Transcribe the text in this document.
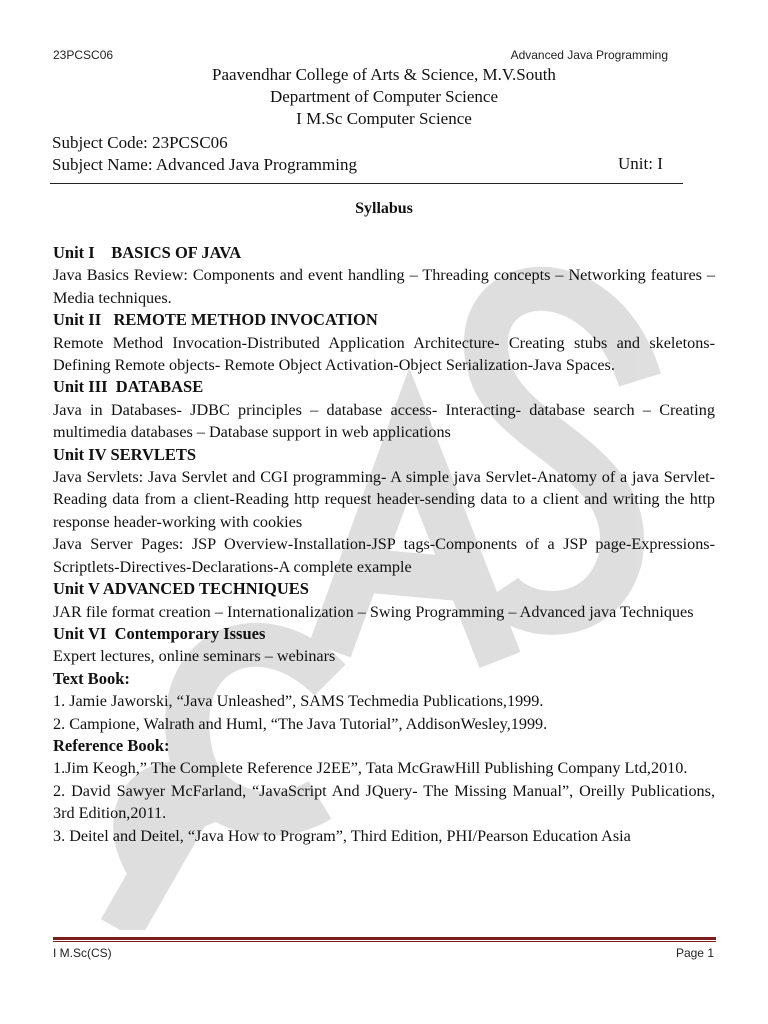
23PCSC06	Advanced Java Programming
Paavendhar College of Arts & Science, M.V.South
Department of Computer Science
I M.Sc Computer Science
Subject Code: 23PCSC06
Subject Name: Advanced Java Programming	Unit: I
Syllabus
Unit I    BASICS OF JAVA

Java Basics Review: Components and event handling – Threading concepts – Networking features – Media techniques.

Unit II   REMOTE METHOD INVOCATION

Remote Method Invocation-Distributed Application Architecture- Creating stubs and skeletons- Defining Remote objects- Remote Object Activation-Object Serialization-Java Spaces.

Unit III  DATABASE

Java in Databases- JDBC principles – database access- Interacting- database search – Creating multimedia databases – Database support in web applications

Unit IV SERVLETS

Java Servlets: Java Servlet and CGI programming- A simple java Servlet-Anatomy of a java Servlet-Reading data from a client-Reading http request header-sending data to a client and writing the http response header-working with cookies

Java Server Pages: JSP Overview-Installation-JSP tags-Components of a JSP page-Expressions- Scriptlets-Directives-Declarations-A complete example

Unit V ADVANCED TECHNIQUES

JAR file format creation – Internationalization – Swing Programming – Advanced java Techniques

Unit VI  Contemporary Issues

Expert lectures, online seminars – webinars

Text Book:

1. Jamie Jaworski, “Java Unleashed”, SAMS Techmedia Publications,1999.

2. Campione, Walrath and Huml, “The Java Tutorial”, AddisonWesley,1999.

Reference Book:

1.Jim Keogh,” The Complete Reference J2EE”, Tata McGrawHill Publishing Company Ltd,2010.

2. David Sawyer McFarland, “JavaScript And JQuery- The Missing Manual”, Oreilly Publications, 3rd Edition,2011.

3. Deitel and Deitel, “Java How to Program”, Third Edition, PHI/Pearson Education Asia

I M.Sc(CS)	Page 1
